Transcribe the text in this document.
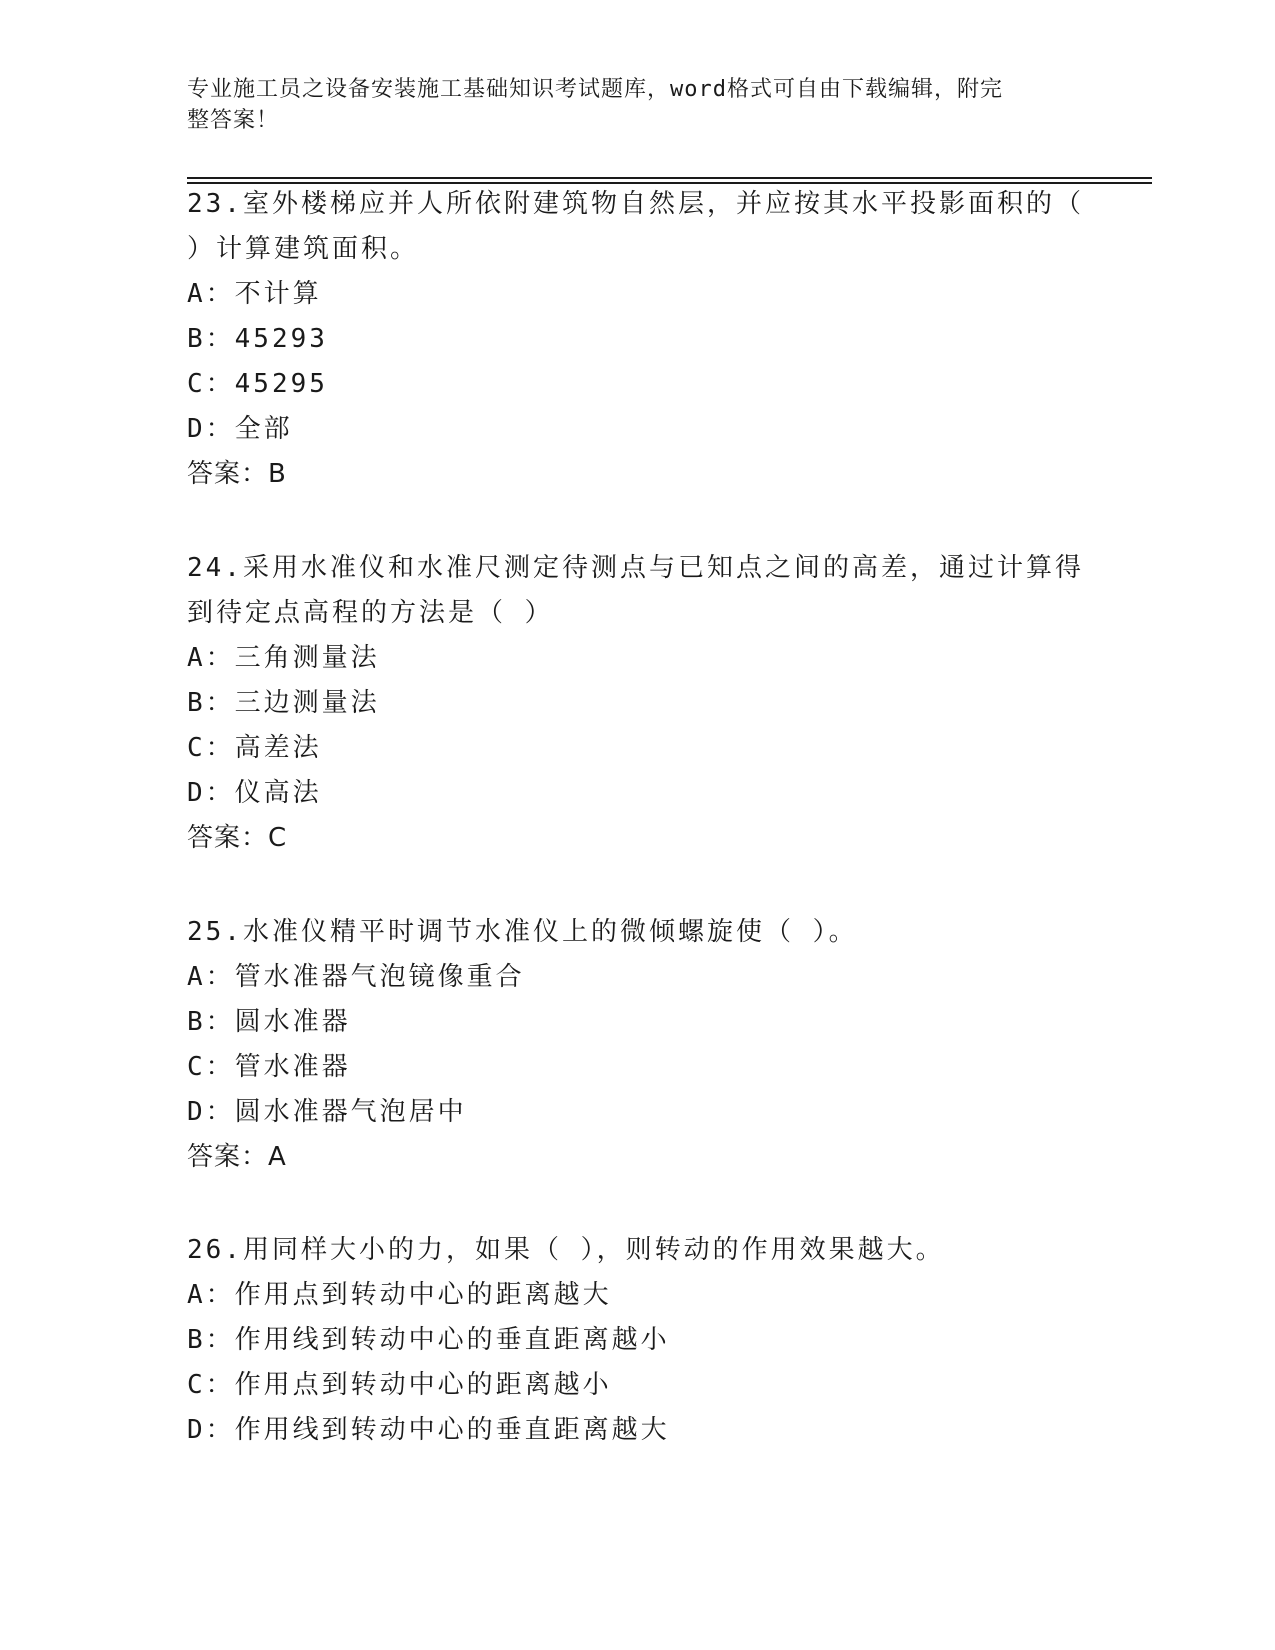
专业施工员之设备安装施工基础知识考试题库，word格式可自由下载编辑，附完
整答案！
23.室外楼梯应并人所依附建筑物自然层，并应按其水平投影面积的（
）计算建筑面积。
A：不计算
B：45293
C：45295
D：全部
答案：B
24.采用水准仪和水准尺测定待测点与已知点之间的高差，通过计算得
到待定点高程的方法是（ ）
A：三角测量法
B：三边测量法
C：高差法
D：仪高法
答案：C
25.水准仪精平时调节水准仪上的微倾螺旋使（ ）。
A：管水准器气泡镜像重合
B：圆水准器
C：管水准器
D：圆水准器气泡居中
答案：A
26.用同样大小的力，如果（ ），则转动的作用效果越大。
A：作用点到转动中心的距离越大
B：作用线到转动中心的垂直距离越小
C：作用点到转动中心的距离越小
D：作用线到转动中心的垂直距离越大
